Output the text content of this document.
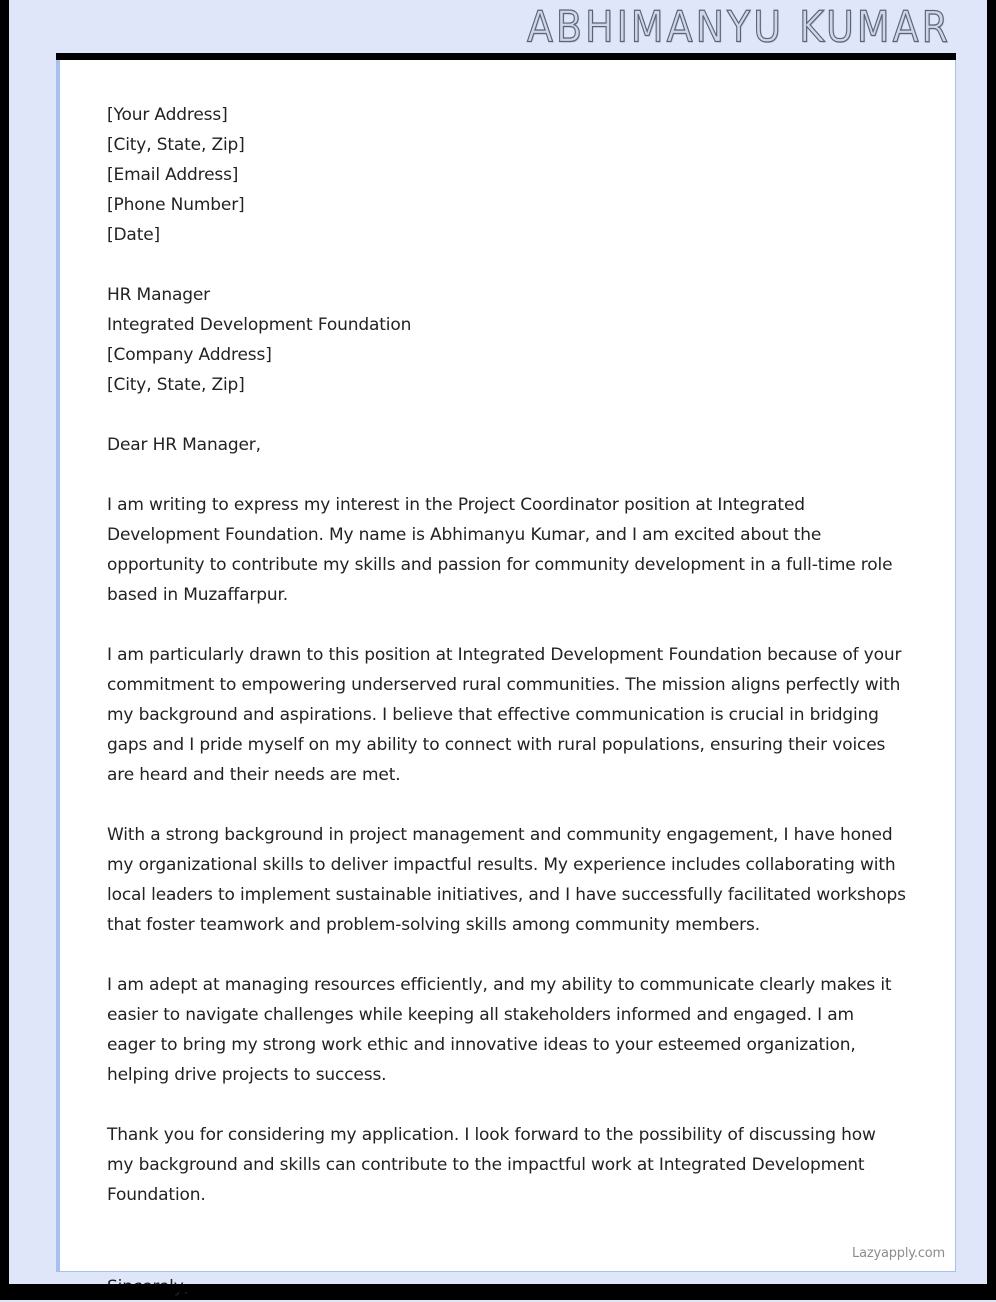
ABHIMANYU KUMAR

[Your Address]

[City, State, Zip]

[Email Address]

[Phone Number]

[Date]

HR Manager

Integrated Development Foundation

[Company Address]

[City, State, Zip]

Dear HR Manager,

I am writing to express my interest in the Project Coordinator position at Integrated Development Foundation. My name is Abhimanyu Kumar, and I am excited about the opportunity to contribute my skills and passion for community development in a full-time role based in Muzaffarpur.

I am particularly drawn to this position at Integrated Development Foundation because of your commitment to empowering underserved rural communities. The mission aligns perfectly with my background and aspirations. I believe that effective communication is crucial in bridging gaps and I pride myself on my ability to connect with rural populations, ensuring their voices are heard and their needs are met.

With a strong background in project management and community engagement, I have honed my organizational skills to deliver impactful results. My experience includes collaborating with local leaders to implement sustainable initiatives, and I have successfully facilitated workshops that foster teamwork and problem-solving skills among community members.

I am adept at managing resources efficiently, and my ability to communicate clearly makes it easier to navigate challenges while keeping all stakeholders informed and engaged. I am eager to bring my strong work ethic and innovative ideas to your esteemed organization, helping drive projects to success.

Thank you for considering my application. I look forward to the possibility of discussing how my background and skills can contribute to the impactful work at Integrated Development Foundation.

Lazyapply.com
